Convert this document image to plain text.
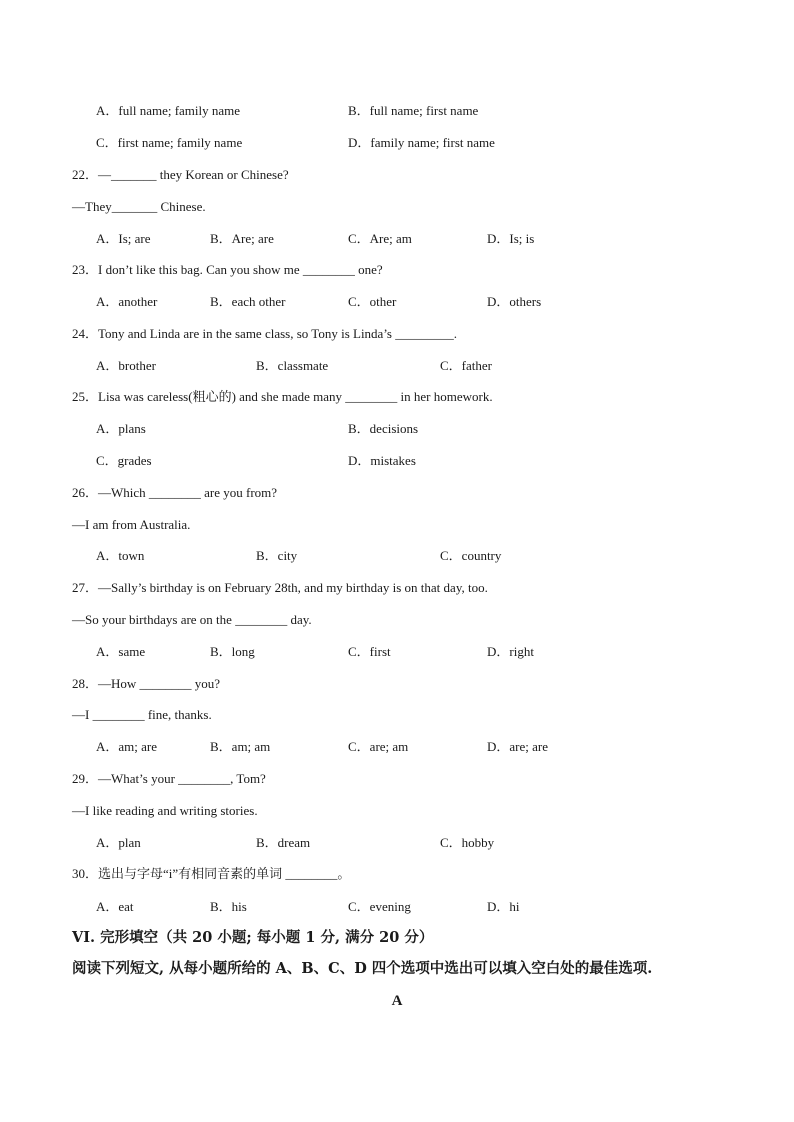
A．full name; family name	B．full name; first name
C．first name; family name	D．family name; first name
22．—_______ they Korean or Chinese?
—They_______ Chinese.
A．Is; are	B．Are; are	C．Are; am	D．Is; is
23．I don’t like this bag. Can you show me ________ one?
A．another	B．each other	C．other	D．others
24．Tony and Linda are in the same class, so Tony is Linda’s _________.
A．brother	B．classmate	C．father
25．Lisa was careless(粗心的) and she made many ________ in her homework.
A．plans	B．decisions
C．grades	D．mistakes
26．—Which ________ are you from?
—I am from Australia.
A．town	B．city	C．country
27．—Sally’s birthday is on February 28th, and my birthday is on that day, too.
—So your birthdays are on the ________ day.
A．same	B．long	C．first	D．right
28．—How ________ you?
—I ________ fine, thanks.
A．am; are	B．am; am	C．are; am	D．are; are
29．—What’s your ________, Tom?
—I like reading and writing stories.
A．plan	B．dream	C．hobby
30．选出与字母“i”有相同音素的单词 ________。
A．eat	B．his	C．evening	D．hi
VI. 完形填空（共 20 小题; 每小题 1 分, 满分 20 分）
阅读下列短文, 从每小题所给的 A、B、C、D 四个选项中选出可以填入空白处的最佳选项.
A
